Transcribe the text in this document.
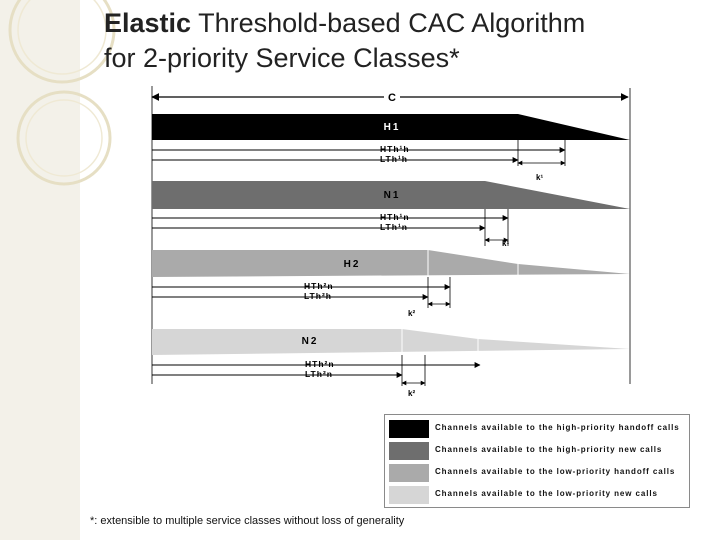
Elastic Threshold-based CAC Algorithm
for 2-priority Service Classes*
C
H1
HTh¹h
LTh¹h
k¹
N1
HTh¹n
LTh¹n
k¹
H2
HTh²n
LTh²h
k²
N2
HTh²n
LTh²n
k²
Channels available to the high-priority handoff calls
Channels available to the high-priority new calls
Channels available to the low-priority handoff calls
Channels available to the low-priority new calls
*: extensible to multiple service classes without loss of generality
